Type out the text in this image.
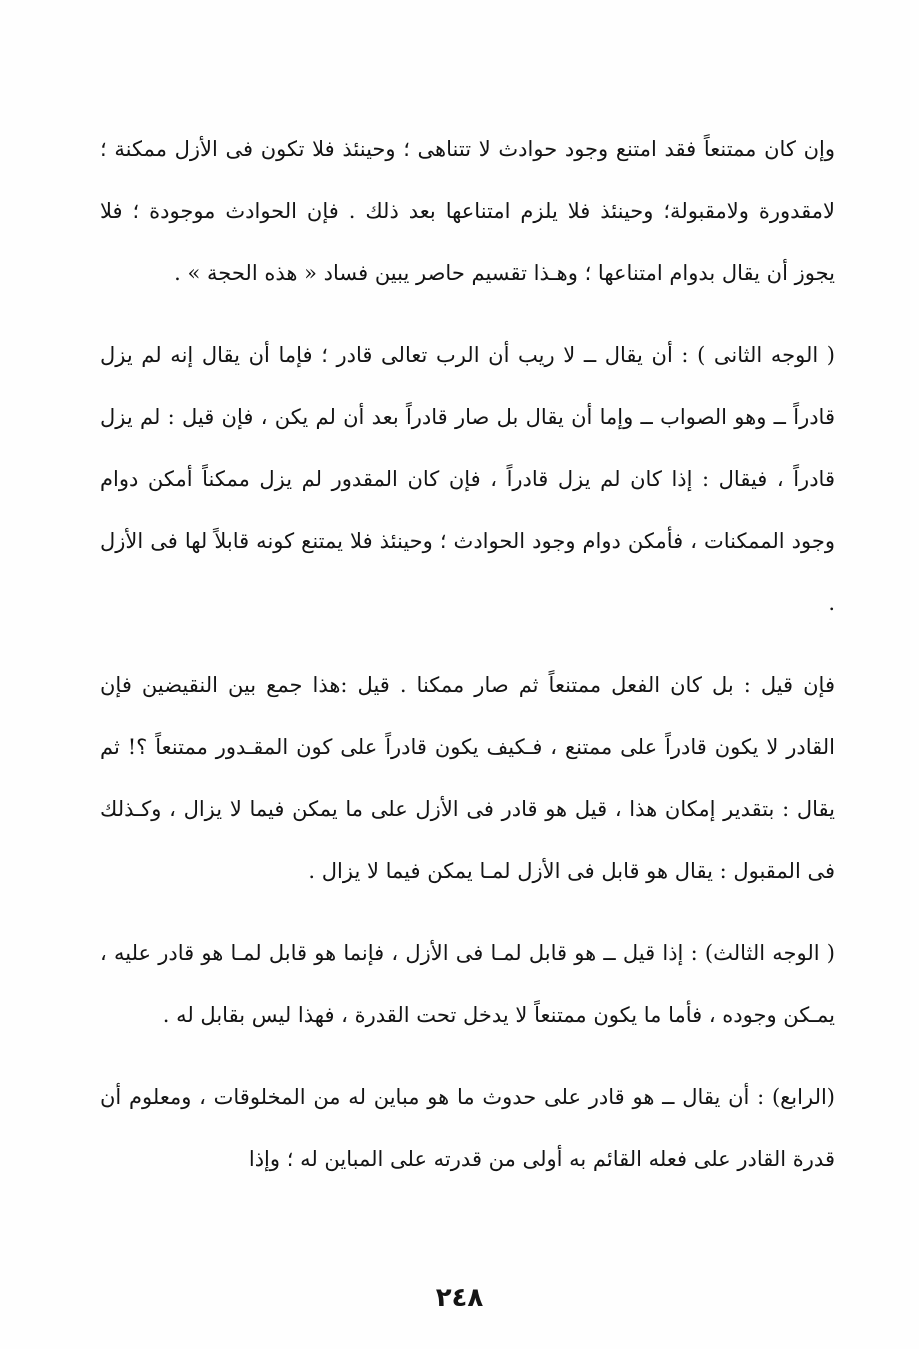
وإن كان ممتنعاً فقد امتنع وجود حوادث لا تتناهى ؛ وحينئذ فلا تكون فى الأزل ممكنة ؛ لامقدورة ولامقبولة؛ وحينئذ فلا يلزم امتناعها بعد ذلك . فإن الحوادث موجودة ؛ فلا يجوز أن يقال بدوام امتناعها ؛ وهـذا تقسيم حاصر يبين فساد « هذه الحجة » .

( الوجه الثانى ) : أن يقال ــ لا ريب أن الرب تعالى قادر ؛ فإما أن يقال إنه لم يزل قادراً ــ وهو الصواب ــ وإما أن يقال بل صار قادراً بعد أن لم يكن ، فإن قيل : لم يزل قادراً ، فيقال : إذا كان لم يزل قادراً ، فإن كان المقدور لم يزل ممكناً أمكن دوام وجود الممكنات ، فأمكن دوام وجود الحوادث ؛ وحينئذ فلا يمتنع كونه قابلاً لها فى الأزل .

فإن قيل : بل كان الفعل ممتنعاً ثم صار ممكنا . قيل :هذا جمع بين النقيضين فإن القادر لا يكون قادراً على ممتنع ، فـكيف يكون قادراً على كون المقـدور ممتنعاً ؟! ثم يقال : بتقدير إمكان هذا ، قيل هو قادر فى الأزل على ما يمكن فيما لا يزال ، وكـذلك فى المقبول : يقال هو قابل فى الأزل لمـا يمكن فيما لا يزال .

( الوجه الثالث) : إذا قيل ــ هو قابل لمـا فى الأزل ، فإنما هو قابل لمـا هو قادر عليه ، يمـكن وجوده ، فأما ما يكون ممتنعاً لا يدخل تحت القدرة ، فهذا ليس بقابل له .

(الرابع) : أن يقال ــ هو قادر على حدوث ما هو مباين له من المخلوقات ، ومعلوم أن قدرة القادر على فعله القائم به أولى من قدرته على المباين له ؛ وإذا

٢٤٨
